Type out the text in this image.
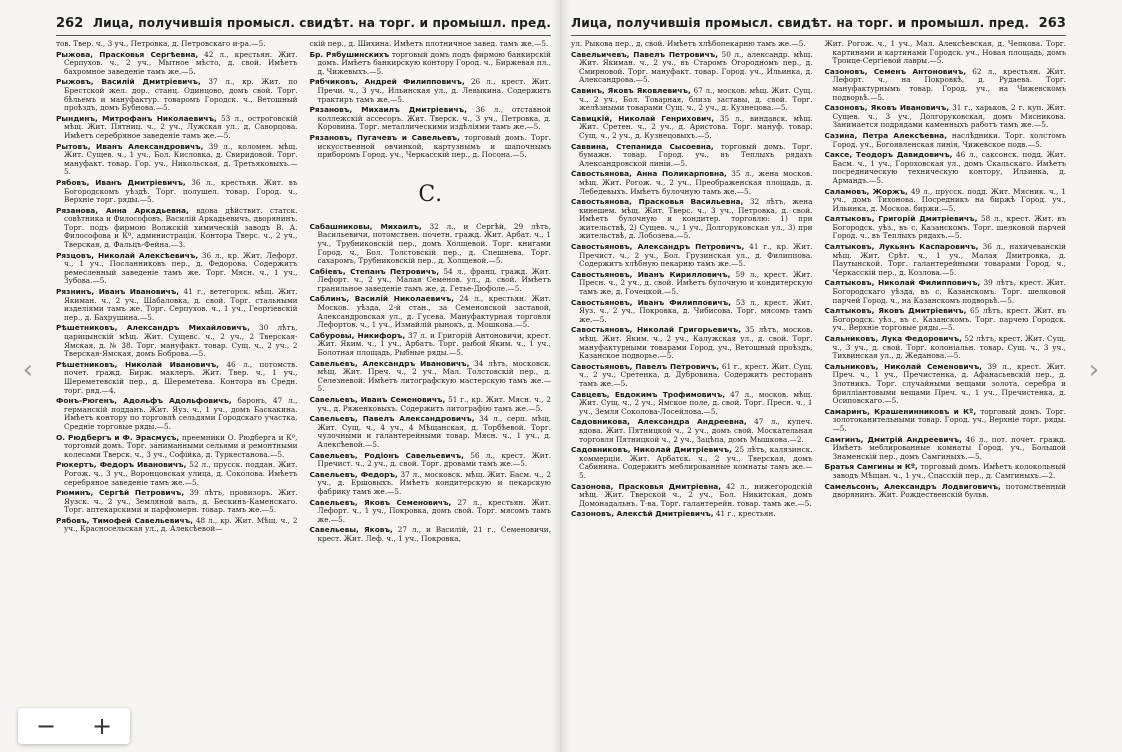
262 Лица, получившія промысл. свидѣт. на торг. и промышл. пред.

тов. Твер. ч., 3 уч., Петровка, д. Петровскаго и-ра.—5.

Рыжова, Прасковья Сергѣевна, 42 л., крестьян. Жит. Серпухов. ч., 2 уч., Мытное мѣсто, д. свой. Имѣетъ бахромное заведеніе тамъ же.—5.

Рыжовъ, Василій Дмитріевичъ, 37 л., кр. Жит. по Брестской жел. дор., станц. Одинцово, домъ свой. Торг. бѣльемъ и мануфактур. товаромъ Городск. ч., Ветошный проѣздъ, домъ Бубнова.—5.

Рындинъ, Митрофанъ Николаевичъ, 53 л., остроговскій мѣщ. Жит. Пятниц. ч., 2 уч., Лужская ул., д. Саворцова. Имѣетъ серебряное заведеніе тамъ же.—5.

Рытовъ, Иванъ Александровичъ, 39 л., коломен. мѣщ. Жит. Сущев. ч., 1 уч., Бол. Кисловка, д. Свиридовой. Торг. мануфакт. товар. Гор. уч., Никольская, д. Третьяковыхъ.—5.

Рябовъ, Иванъ Дмитріевичъ, 36 л., крестьян. Жит. въ Богородскомъ уѣздѣ. Торг. полушел. товар. Город. ч., Верхніе торг. ряды.—5.

Рязанова, Анна Аркадьевна, вдова дѣйствит. статск. совѣтника и Философовъ, Василій Аркадьевичъ, дворянинъ. Торг. подъ фирмою Волжскій химическій заводъ В. А. Философова и Кº, администрація. Контора Тверс. ч., 2 уч., Тверская, д. Фальцъ-Фейна.—3.

Рязцовъ, Николай Алексѣевичъ, 36 л., кр. Жит. Лефорт. ч., 1 уч., Посланниковъ пер., д. Федорова. Содержитъ ремесленный заведеніе тамъ же. Торг. Мясн. ч., 1 уч., Зубова.—5.

Рязнинъ, Иванъ Ивановичъ, 41 г., ветегорск. мѣщ. Жит. Якиман. ч., 2 уч., Шабаловка, д. свой. Торг. стальными изделіями тамъ же. Торг. Серпухов. ч., 1 уч., Георгіевскій пер., д. Бахрушина.—5.

Рѣшетниковъ, Александръ Михайловичъ, 30 лѣтъ, царицынскій мѣщ. Жит. Сущевс. ч., 2 уч., 2 Тверская-Ямская, д. № 38. Торг. мануфакт. товар. Сущ. ч., 2 уч., 2 Тверская-Ямская, домъ Боброва.—5.

Рѣшетниковъ, Николай Ивановичъ, 46 л., потомств. почет. гражд. Бирж. маклеръ. Жит. Твер. ч., 1 уч., Шереметевскій пер., д. Шереметева. Контора въ Средн. торг. ряд.—4.

Фонъ-Рюгенъ, Адольфъ Адольфовичъ, баронъ, 47 л., германскій подданъ. Жит. Яуз. ч., 1 уч., домъ Баскакина. Имѣетъ контору по торговлѣ сельдями Городскаго участка, Средніе торговые ряды.—5.

О. Рюдбергъ и Ф. Эрасмусъ, преемники О. Рюдберга и Кº, торговый домъ. Торг. заниманными сельями и ремонтными колесами Тверск. ч., 3 уч., Софійка, д. Туркестанова.—5.

Рюкертъ, Федоръ Ивановичъ, 52 л., прусск. поддан. Жит. Рогож. ч., 3 уч., Воронцовская улица, д. Соколова. Имѣетъ серебряное заведеніе тамъ же.—5.

Рюминъ, Сергѣй Петровичъ, 39 лѣтъ, провизоръ. Жит. Яузск. ч., 2 уч., Земляной валъ, д. Бескинъ-Каменскаго. Торг. аптекарскими и парфюмерн. товар. тамъ же.—5.

Рябовъ, Тимофей Савельевичъ, 48 л., кр. Жит. Мѣщ. ч., 2 уч., Красносельская ул., д. Алексѣевой—

скій пер., д. Шихина. Имѣетъ плотничное завед. тамъ же.—5.

Бр. Рябушинскихъ торговый домъ подъ фирмою банкирскій домъ. Имѣетъ банкирскую контору Город. ч., Биржевая пл., д. Чижевыхъ.—5.

Рябчиковъ, Андрей Филипповичъ, 26 л., крест. Жит. Пречи. ч., 3 уч., Ильинская ул., д. Левыкина. Содержитъ трактиръ тамъ же.—5.

Рязановъ, Михаилъ Дмитріевичъ, 36 л., отставной коллежскій ассесоръ. Жит. Тверск. ч., 3 уч., Петровка, д. Коровина. Торг. металлическими издѣліями тамъ же.—5.

Рязановъ, Пугачевъ и Савельевъ, торговый домъ. Торг. искусственной овчинкой, картузнымъ и шапочнымъ приборомъ Город. уч., Черкасскій пер., д. Посона.—5.

С.

Сабашниковы, Михаилъ, 32 л., и Сергѣй, 29 лѣтъ, Васильевичи, потомствен. почетн. гражд. Жит. Арбат. ч., 1 уч., Трубниковскій пер., домъ Холщевой. Торг. книгами Город. ч., Бол. Толстовскій пер., д. Спешнева. Торг. сахаромъ, Трубниковскій пер., д. Холщевой.—5.

Сабіевъ, Степанъ Петровичъ, 54 л., франц. гражд. Жит. Лефорт. ч., 2 уч., Малая Семенов. ул., д. свой. Имѣетъ гранильное заведеніе тамъ же, д. Гетье-Дюфоле.—5.

Саблинъ, Василій Николаевичъ, 24 л., крестьян. Жит. Москов. уѣзда, 2-й стан., за Семеновской заставой, Александровская ул., д. Гусева. Мануфактурная торговля Лефортов. ч., 1 уч., Измайлій рынокъ, д. Мошкова.—5.

Сабуровы, Никифоръ, 37 л. и Григорій Антоновичи, крест. Жит. Яким. ч., 1 уч., Арбатъ. Торг. рыбой Яким. ч., 1 уч., Болотная площадь, Рыбные ряды.—5.

Савельевъ, Александръ Ивановичъ, 34 лѣтъ, московск. мѣщ. Жит. Преч. ч., 2 уч., Мал. Толстовскій пер., д. Селезневой. Имѣетъ литографскую мастерскую тамъ же.—5.

Савельевъ, Иванъ Семеновичъ, 51 г., кр. Жит. Мясн. ч., 2 уч., д. Ряженковыхъ. Содержитъ литографію тамъ же.—5.

Савельевъ, Павелъ Александровичъ, 34 л., серп. мѣщ. Жит. Сущ. ч., 4 уч., 4 Мѣщанская, д. Торбѣевой. Торг. чулочными и галантерейными товар. Мясн. ч., 1 уч., д. Алексѣевой.—5.

Савельевъ, Родіонъ Савельевичъ, 56 л., крест. Жит. Пречист. ч., 2 уч., д. свой. Торг. дровами тамъ же.—5.

Савельевъ, Федоръ, 37 л., московск. мѣщ. Жит. Басм. ч., 2 уч., д. Ершовыхъ. Имѣетъ кондитерскую и пекарскую фабрику тамъ же.—5.

Савельевъ, Яковъ Семеновичъ, 27 л., крестьян. Жит. Лефорт. ч., 1 уч., Покровка, домъ свой. Торг. мясомъ тамъ же.—5.

Савельевы, Яковъ, 27 л., и Василій, 21 г., Семеновичи, крест. Жит. Леф. ч., 1 уч., Покровка,

Лица, получившія промысл. свидѣт. на торг. и промышл. пред. 263

ул. Рыкова пер., д. свой. Имѣетъ хлѣбопекарню тамъ же.—5.

Савельичевъ, Павелъ Петровичъ, 50 л., александр. мѣщ. Жит. Якиман. ч., 2 уч., въ Старомъ Огородномъ пер., д. Смирновой. Торг. мануфакт. товар. Город. уч., Ильинка, д. Александрова.—5.

Савинъ, Яковъ Яковлевичъ, 67 л., москов. мѣщ. Жит. Сущ. ч., 2 уч., Бол. Товарная, близъ заставы, д. свой. Торг. желѣзными товарами Сущ. ч., 2 уч., д. Кузнецова.—5.

Савицкій, Николай Генрихович, 35 л., виндавск. мѣщ. Жит. Сретен. ч., 2 уч., д. Аристова. Торг. мануф. товар. Сущ. ч., 2 уч., д. Кузнецовыхъ.—5.

Саввина, Степанида Сысоевна, торговый домъ. Торг. бумажн. товар. Город. уч., въ Теплыхъ рядахъ Александровской линіи.—5.

Савостьянова, Анна Поликарповна, 35 л., жена москов. мѣщ. Жит. Рогож. ч., 2 уч., Преображенская площадь, д. Лебедевыхъ. Имѣетъ булочную тамъ же.—5.

Савостьянова, Прасковья Васильевна, 32 лѣтъ, жена кинешем. мѣщ. Жит. Тверс. ч., 3 уч., Петровка, д. свой. Имѣетъ булочную и кондитер. торговлю: 1) при жительствѣ, 2) Сущев. ч., 1 уч., Долгоруковская ул., 3) при жительствѣ, д. Лобозева.—5.

Савостьяновъ, Александръ Петровичъ, 41 г., кр. Жит. Пречист. ч., 2 уч., Бол. Грузинская ул., д. Филиппова. Содержитъ хлѣбную пекарню тамъ же.—5.

Савостьяновъ, Иванъ Кирилловичъ, 59 л., крест. Жит. Пресн. ч., 2 уч., д. свой. Имѣетъ булочную и кондитерскую тамъ же, д. Гочецкой.—5.

Савостьяновъ, Иванъ Филипповичъ, 53 л., крест. Жит. Яуз. ч., 2 уч., Покровка, д. Чибисова. Торг. мясомъ тамъ же.—5.

Савостьяновъ, Николай Григорьевичъ, 35 лѣтъ, москов. мѣщ. Жит. Яким. ч., 2 уч., Калужская ул., д. свой. Торг. мануфактурными товарами Город. уч., Ветошный проѣздъ, Казанское подворье.—5.

Савостьяновъ, Павелъ Петровичъ, 61 г., крест. Жит. Сущ. ч., 2 уч., Сретенка, д. Дубровина. Содержитъ ресторанъ тамъ же.—5.

Савцевъ, Евдокимъ Трофимовичъ, 47 л., москов. мѣщ. Жит. Сущ. ч., 2 уч., Ямское поле, д. свой. Торг. Пресн. ч., 1 уч., Земля Соколова-Лосейлова.—5.

Садовникова, Александра Андреевна, 47 л., купеч. вдова. Жит. Пятницкой ч., 2 уч., домъ свой. Москательная торговля Пятницкой ч., 2 уч., Зацѣпа, домъ Мышкова.—2.

Садовниковъ, Николай Дмитріевичъ, 25 лѣтъ, калязинск. коммерціи. Жит. Арбатск. ч., 2 уч., Тверская, домъ Сабинина. Содержитъ меблированные комнаты тамъ же.—5.

Сазонова, Прасковья Дмитріевна, 42 л., нижегородскій мѣщ. Жит. Тверской ч., 2 уч., Бол. Никитская, домъ Домонадальнъ. Т-ва. Торг. галантерейн. товар. тамъ же.—5.

Сазоновъ, Алексѣй Дмитріевичъ, 41 г., крестьян.

Жит. Рогож. ч., 1 уч., Мал. Алексѣевская, д. Чепкова. Торг. картинами и картинами Городск. уч., Новая площадь, домъ Троице-Сергіевой лавры.—5.

Сазоновъ, Семенъ Антоновичъ, 62 л., крестьян. Жит. Лефорт. ч., на Покровкѣ, д. Рудаева. Торг. мануфактурнымъ товар. Город. уч., на Чижевскомъ подворьѣ.—5.

Сазоновъ, Яковъ Ивановичъ, 31 г., харьков. 2 г. куп. Жит. Сущев. ч., 3 уч., Долгоруковская, домъ Мясникова. Занимается подрядами каменныхъ работъ тамъ же.—5.

Сазина, Петра Алексѣевна, наслѣдники. Торг. холстомъ Город. уч., Богоявленская линія, Чижевское подв.—5.

Саксе, Теодоръ Давидовичъ, 46 л., саксонск. подд. Жит. Басм. ч., 1 уч., Гороховская ул., домъ Скальскаго. Имѣетъ посредническую техническую контору, Ильинка, д. Армандъ.—5.

Саламовъ, Жоржъ, 49 л., прусск. подд. Жит. Мясник. ч., 1 уч., домъ Тихонова. Посредникъ на биржѣ Город. уч., Ильинка, д. Москов. биржи.—5.

Салтыковъ, Григорій Дмитріевичъ, 58 л., крест. Жит. въ Богородск. уѣз., въ с. Казанскомъ. Торг. шелковой парчей Город. ч., въ Теплыхъ рядахъ.—5.

Салтыковъ, Лукьянъ Каспаровичъ, 36 л., нахичеванскій мѣщ. Жит. Срѣт. ч., 1 уч., Малая Дмитровка, д. Паутынской. Торг. галантерейными товарами Город. ч., Черкасскій пер., д. Козлова.—5.

Салтыковъ, Николай Филипповичъ, 39 лѣтъ, крест. Жит. Богородскаго уѣзда, въ с. Казанскомъ. Торг. шелковой парчей Город. ч., на Казанскомъ подворьѣ.—5.

Салтыковъ, Яковъ Дмитріевичъ, 65 лѣтъ, крест. Жит. въ Богородск. уѣз., въ с. Казанскомъ. Торг. парчею Городск. уч., Верхніе торговые ряды.—5.

Сальниковъ, Лука Федоровичъ, 52 лѣтъ, крест. Жит. Сущ. ч., 3 уч., д. свой. Торг. колоніальн. товар. Сущ. ч., 3 уч., Тихвинская ул., д. Жеданова.—5.

Сальниковъ, Николай Семеновичъ, 39 л., крест. Жит. Преч. ч., 1 уч., Пречистенка, д. Афанасьевскій пер., д. Злотникъ. Торг. случайными вещами золота, серебра и брилліантовыми вещами Преч. ч., 1 уч., Пречистенка, д. Осиповскаго.—5.

Самаринъ, Крашенинниковъ и Кº, торговый домъ. Торг. золотоканительными товар. Город. уч., Верхніе торг. ряды.—5.

Самгинъ, Дмитрій Андреевичъ, 46 л., пот. почет. гражд. Имѣетъ меблированные комнаты Город. уч., Большой Знаменскій пер., домъ Самгиныхъ.—5.

Братья Самгины и Кº, торговый домъ. Имѣетъ колокольный заводъ Мѣщан. ч., 1 уч., Спасскій пер., д. Самгиныхъ.—2.

Самельсонъ, Александръ Лодвиговичъ, потомственный дворянинъ. Жит. Рождественскій бульв.

‹	›
−	+
